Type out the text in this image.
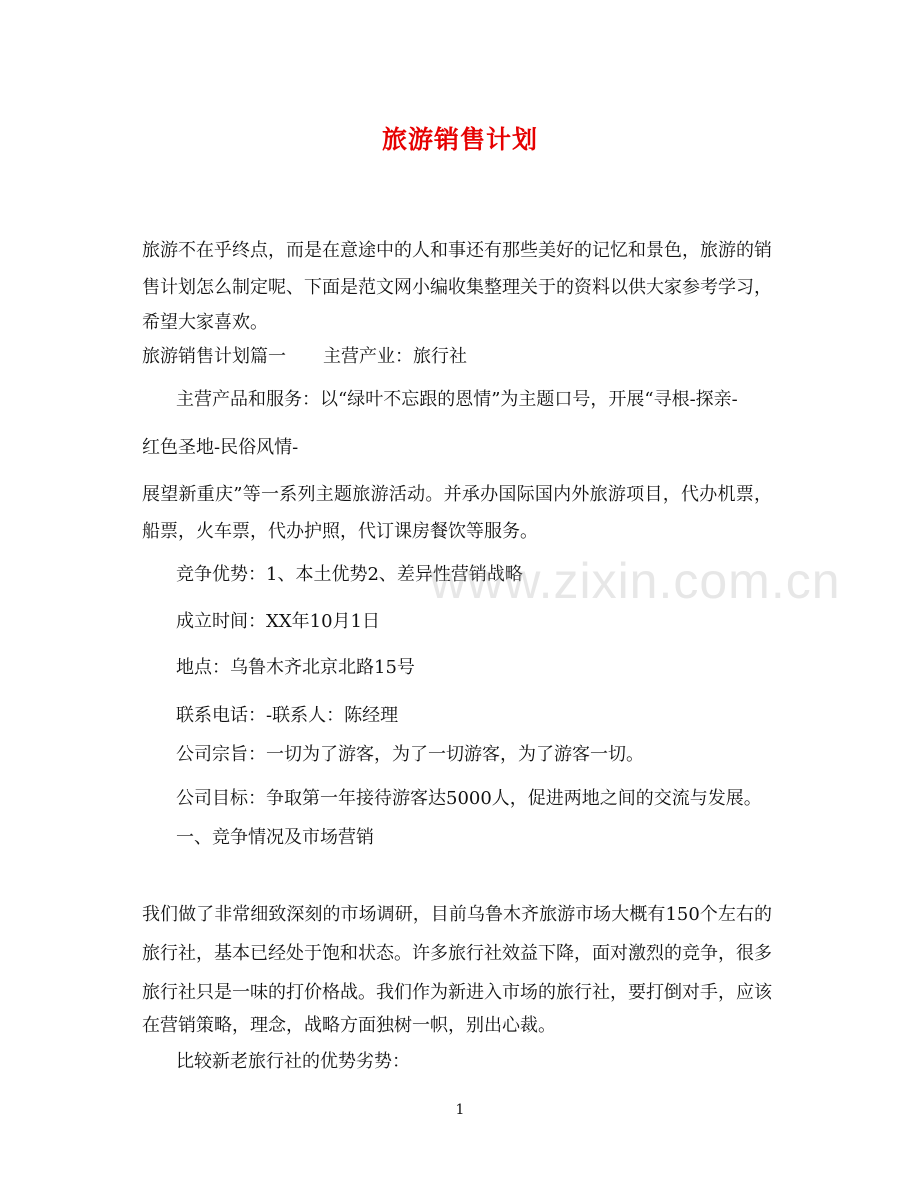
旅游销售计划
旅游不在乎终点，而是在意途中的人和事还有那些美好的记忆和景色，旅游的销
售计划怎么制定呢、下面是范文网小编收集整理关于的资料以供大家参考学习，
希望大家喜欢。
旅游销售计划篇一 主营产业：旅行社
主营产品和服务：以“绿叶不忘跟的恩情”为主题口号，开展“寻根-探亲-
红色圣地-民俗风情-
展望新重庆”等一系列主题旅游活动。并承办国际国内外旅游项目，代办机票，
船票，火车票，代办护照，代订课房餐饮等服务。
竞争优势：1、本土优势2、差异性营销战略
成立时间：XX年10月1日
地点：乌鲁木齐北京北路15号
联系电话：-联系人：陈经理
公司宗旨：一切为了游客，为了一切游客，为了游客一切。
公司目标：争取第一年接待游客达5000人，促进两地之间的交流与发展。
一、竞争情况及市场营销
我们做了非常细致深刻的市场调研，目前乌鲁木齐旅游市场大概有150个左右的
旅行社，基本已经处于饱和状态。许多旅行社效益下降，面对激烈的竞争，很多
旅行社只是一味的打价格战。我们作为新进入市场的旅行社，要打倒对手，应该
在营销策略，理念，战略方面独树一帜，别出心裁。
比较新老旅行社的优势劣势：
www.zixin.com.cn
1
